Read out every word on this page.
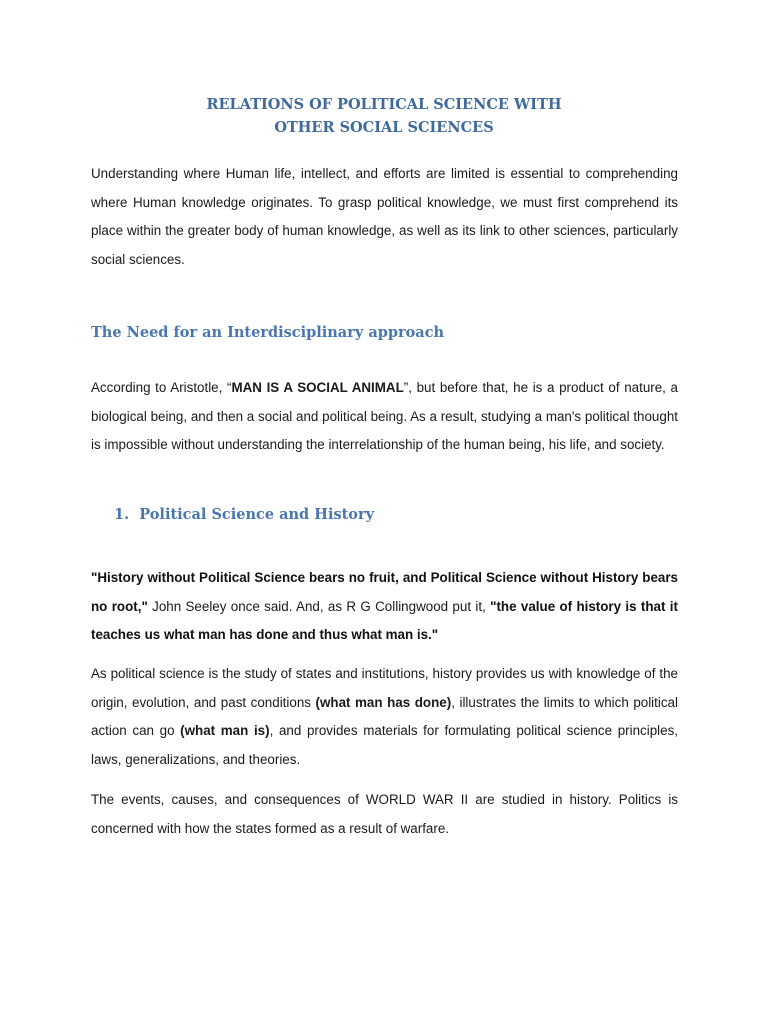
RELATIONS OF POLITICAL SCIENCE WITH
OTHER SOCIAL SCIENCES
Understanding where Human life, intellect, and efforts are limited is essential to comprehending where Human knowledge originates. To grasp political knowledge, we must first comprehend its place within the greater body of human knowledge, as well as its link to other sciences, particularly social sciences.
The Need for an Interdisciplinary approach
According to Aristotle, “MAN IS A SOCIAL ANIMAL”, but before that, he is a product of nature, a biological being, and then a social and political being. As a result, studying a man's political thought is impossible without understanding the interrelationship of the human being, his life, and society.
1. Political Science and History
"History without Political Science bears no fruit, and Political Science without History bears no root," John Seeley once said. And, as R G Collingwood put it, "the value of history is that it teaches us what man has done and thus what man is."
As political science is the study of states and institutions, history provides us with knowledge of the origin, evolution, and past conditions (what man has done), illustrates the limits to which political action can go (what man is), and provides materials for formulating political science principles, laws, generalizations, and theories.
The events, causes, and consequences of WORLD WAR II are studied in history. Politics is concerned with how the states formed as a result of warfare.
